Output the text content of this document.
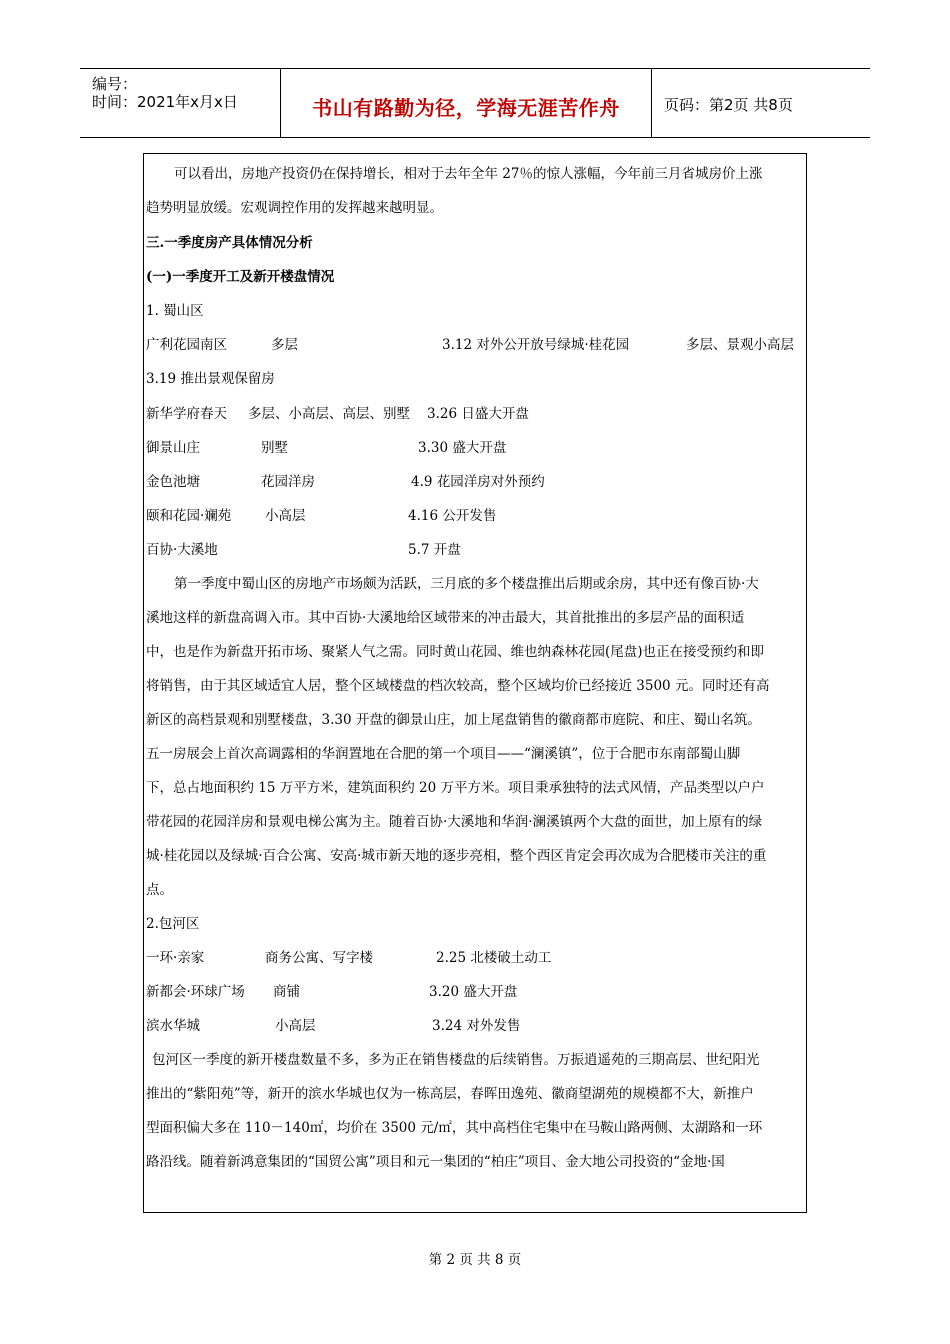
编号：
时间：2021年x月x日	书山有路勤为径，学海无涯苦作舟	页码：第2页 共8页
可以看出，房地产投资仍在保持增长，相对于去年全年 27％的惊人涨幅，今年前三月省城房价上涨
趋势明显放缓。宏观调控作用的发挥越来越明显。
三.一季度房产具体情况分析
(一)一季度开工及新开楼盘情况
1. 蜀山区
广利花园南区	多层	3.12 对外公开放号绿城·桂花园	多层、景观小高层
3.19 推出景观保留房
新华学府春天 多层、小高层、高层、别墅 3.26 日盛大开盘
御景山庄	别墅	3.30 盛大开盘
金色池塘	花园洋房	4.9 花园洋房对外预约
颐和花园·斓苑 小高层	4.16 公开发售
百协·大溪地	5.7 开盘
第一季度中蜀山区的房地产市场颇为活跃，三月底的多个楼盘推出后期或余房，其中还有像百协·大
溪地这样的新盘高调入市。其中百协·大溪地给区域带来的冲击最大，其首批推出的多层产品的面积适
中，也是作为新盘开拓市场、聚紧人气之需。同时黄山花园、维也纳森林花园(尾盘)也正在接受预约和即
将销售，由于其区域适宜人居，整个区域楼盘的档次较高，整个区域均价已经接近 3500 元。同时还有高
新区的高档景观和别墅楼盘，3.30 开盘的御景山庄，加上尾盘销售的徽商都市庭院、和庄、蜀山名筑。
五一房展会上首次高调露相的华润置地在合肥的第一个项目——“澜溪镇”，位于合肥市东南部蜀山脚
下，总占地面积约 15 万平方米，建筑面积约 20 万平方米。项目秉承独特的法式风情，产品类型以户户
带花园的花园洋房和景观电梯公寓为主。随着百协·大溪地和华润·澜溪镇两个大盘的面世，加上原有的绿
城·桂花园以及绿城·百合公寓、安高·城市新天地的逐步亮相，整个西区肯定会再次成为合肥楼市关注的重
点。
2.包河区
一环·亲家	商务公寓、写字楼	2.25 北楼破土动工
新都会·环球广场 商铺	3.20 盛大开盘
滨水华城	小高层	3.24 对外发售
包河区一季度的新开楼盘数量不多，多为正在销售楼盘的后续销售。万振逍遥苑的三期高层、世纪阳光
推出的“紫阳苑”等，新开的滨水华城也仅为一栋高层，春晖田逸苑、徽商望湖苑的规模都不大，新推户
型面积偏大多在 110－140㎡，均价在 3500 元/㎡，其中高档住宅集中在马鞍山路两侧、太湖路和一环
路沿线。随着新鸿意集团的“国贸公寓”项目和元一集团的“柏庄”项目、金大地公司投资的“金地·国
第 2 页 共 8 页
